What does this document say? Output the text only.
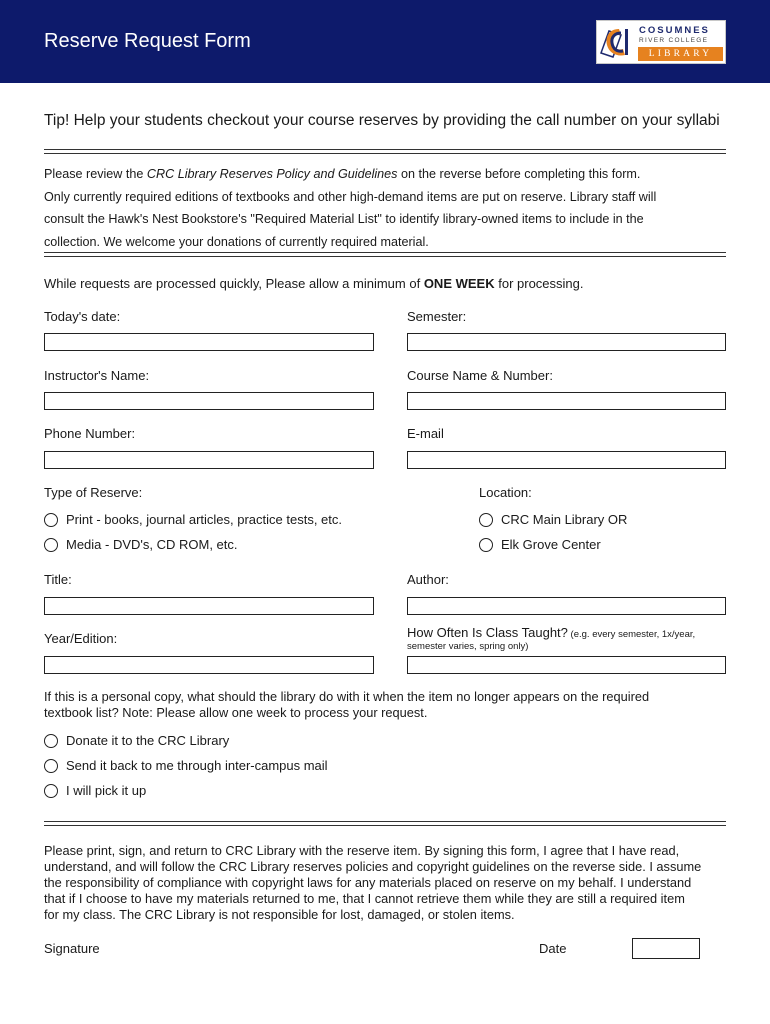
Reserve Request Form	COSUMNES
RIVER COLLEGE
LIBRARY
Tip! Help your students checkout your course reserves by providing the call number on your syllabi

Please review the CRC Library Reserves Policy and Guidelines on the reverse before completing this form.

Only currently required editions of textbooks and other high-demand items are put on reserve. Library staff will

consult the Hawk's Nest Bookstore's "Required Material List" to identify library-owned items to include in the

collection. We welcome your donations of currently required material.

While requests are processed quickly, Please allow a minimum of ONE WEEK for processing.
Today's date:	Semester:
Instructor's Name:	Course Name & Number:
Phone Number:	E-mail
Type of Reserve:	Location:
Print - books, journal articles, practice tests, etc.	CRC Main Library OR
Media - DVD's, CD ROM, etc.	Elk Grove Center
Title:	Author:
Year/Edition:	How Often Is Class Taught? (e.g. every semester, 1x/year,
semester varies, spring only)

If this is a personal copy, what should the library do with it when the item no longer appears on the required

textbook list? Note: Please allow one week to process your request.

Donate it to the CRC Library
Send it back to me through inter-campus mail
I will pick it up

Please print, sign, and return to CRC Library with the reserve item. By signing this form, I agree that I have read,

understand, and will follow the CRC Library reserves policies and copyright guidelines on the reverse side. I assume

the responsibility of compliance with copyright laws for any materials placed on reserve on my behalf. I understand

that if I choose to have my materials returned to me, that I cannot retrieve them while they are still a required item

for my class. The CRC Library is not responsible for lost, damaged, or stolen items.

Signature	Date
